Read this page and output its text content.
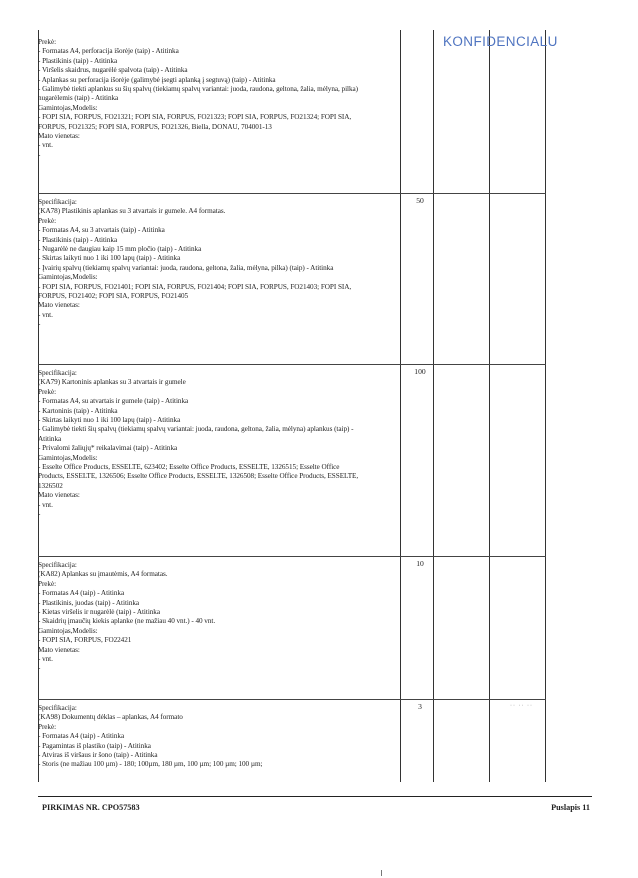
KONFIDENCIALU
Prekė:
- Formatas A4, perforacija išorėje (taip) - Atitinka
- Plastikinis (taip) - Atitinka
- Viršelis skaidrus, nugarėlė spalvota (taip) - Atitinka
- Aplankas su perforacija išorėje (galimybė įsegti aplanką į segtuvą) (taip) - Atitinka
- Galimybė tiekti aplankus su šių spalvų (tiekiamų spalvų variantai: juoda, raudona, geltona, žalia, mėlyna, pilka)
nugarėlemis (taip) - Atitinka
Gamintojas,Modelis:
- FOPI SIA, FORPUS, FO21321; FOPI SIA, FORPUS, FO21323; FOPI SIA, FORPUS, FO21324; FOPI SIA,
FORPUS, FO21325; FOPI SIA, FORPUS, FO21326, Biella, DONAU, 704001-13
Mato vienetas:
- vnt.
-
Specifikacija:
(KA78) Plastikinis aplankas su 3 atvartais ir gumele. A4 formatas.
Prekė:
- Formatas A4, su 3 atvartais (taip) - Atitinka
- Plastikinis (taip) - Atitinka
- Nugarėlė ne daugiau kaip 15 mm pločio (taip) - Atitinka
- Skirtas laikyti nuo 1 iki 100 lapų (taip) - Atitinka
- Įvairių spalvų (tiekiamų spalvų variantai: juoda, raudona, geltona, žalia, mėlyna, pilka) (taip) - Atitinka
Gamintojas,Modelis:
- FOPI SIA, FORPUS, FO21401; FOPI SIA, FORPUS, FO21404; FOPI SIA, FORPUS, FO21403; FOPI SIA,
FORPUS, FO21402; FOPI SIA, FORPUS, FO21405
Mato vienetas:
- vnt.
-
50
Specifikacija:
(KA79) Kartoninis aplankas su 3 atvartais ir gumele
Prekė:
- Formatas A4, su atvartais ir gumele (taip) - Atitinka
- Kartoninis (taip) - Atitinka
- Skirtas laikyti nuo 1 iki 100 lapų (taip) - Atitinka
- Galimybė tiekti šių spalvų (tiekiamų spalvų variantai: juoda, raudona, geltona, žalia, mėlyna) aplankus (taip) -
Atitinka
- Privalomi žaliųjų* reikalavimai (taip) - Atitinka
Gamintojas,Modelis:
- Esselte Office Products, ESSELTE, 623402; Esselte Office Products, ESSELTE, 1326515; Esselte Office
Products, ESSELTE, 1326506; Esselte Office Products, ESSELTE, 1326508; Esselte Office Products, ESSELTE,
1326502
Mato vienetas:
- vnt.
-
100
Specifikacija:
(KA82) Aplankas su įmautėmis, A4 formatas.
Prekė:
- Formatas A4 (taip) - Atitinka
- Plastikinis, juodas (taip) - Atitinka
- Kietas viršelis ir nugarėlė (taip) - Atitinka
- Skaidrių įmaučių kiekis aplanke (ne mažiau 40 vnt.) - 40 vnt.
Gamintojas,Modelis:
- FOPI SIA, FORPUS, FO22421
Mato vienetas:
- vnt.
-
10
Specifikacija:
(KA98) Dokumentų dėklas – aplankas, A4 formato
Prekė:
- Formatas A4 (taip) - Atitinka
- Pagamintas iš plastiko (taip) - Atitinka
- Atviras iš viršaus ir šono (taip) - Atitinka
- Storis (ne mažiau 100 µm) - 180; 100µm, 180 µm, 100 µm; 100 µm; 100 µm;
3	·· ·· ··
PIRKIMAS NR. CPO57583	Puslapis 11
